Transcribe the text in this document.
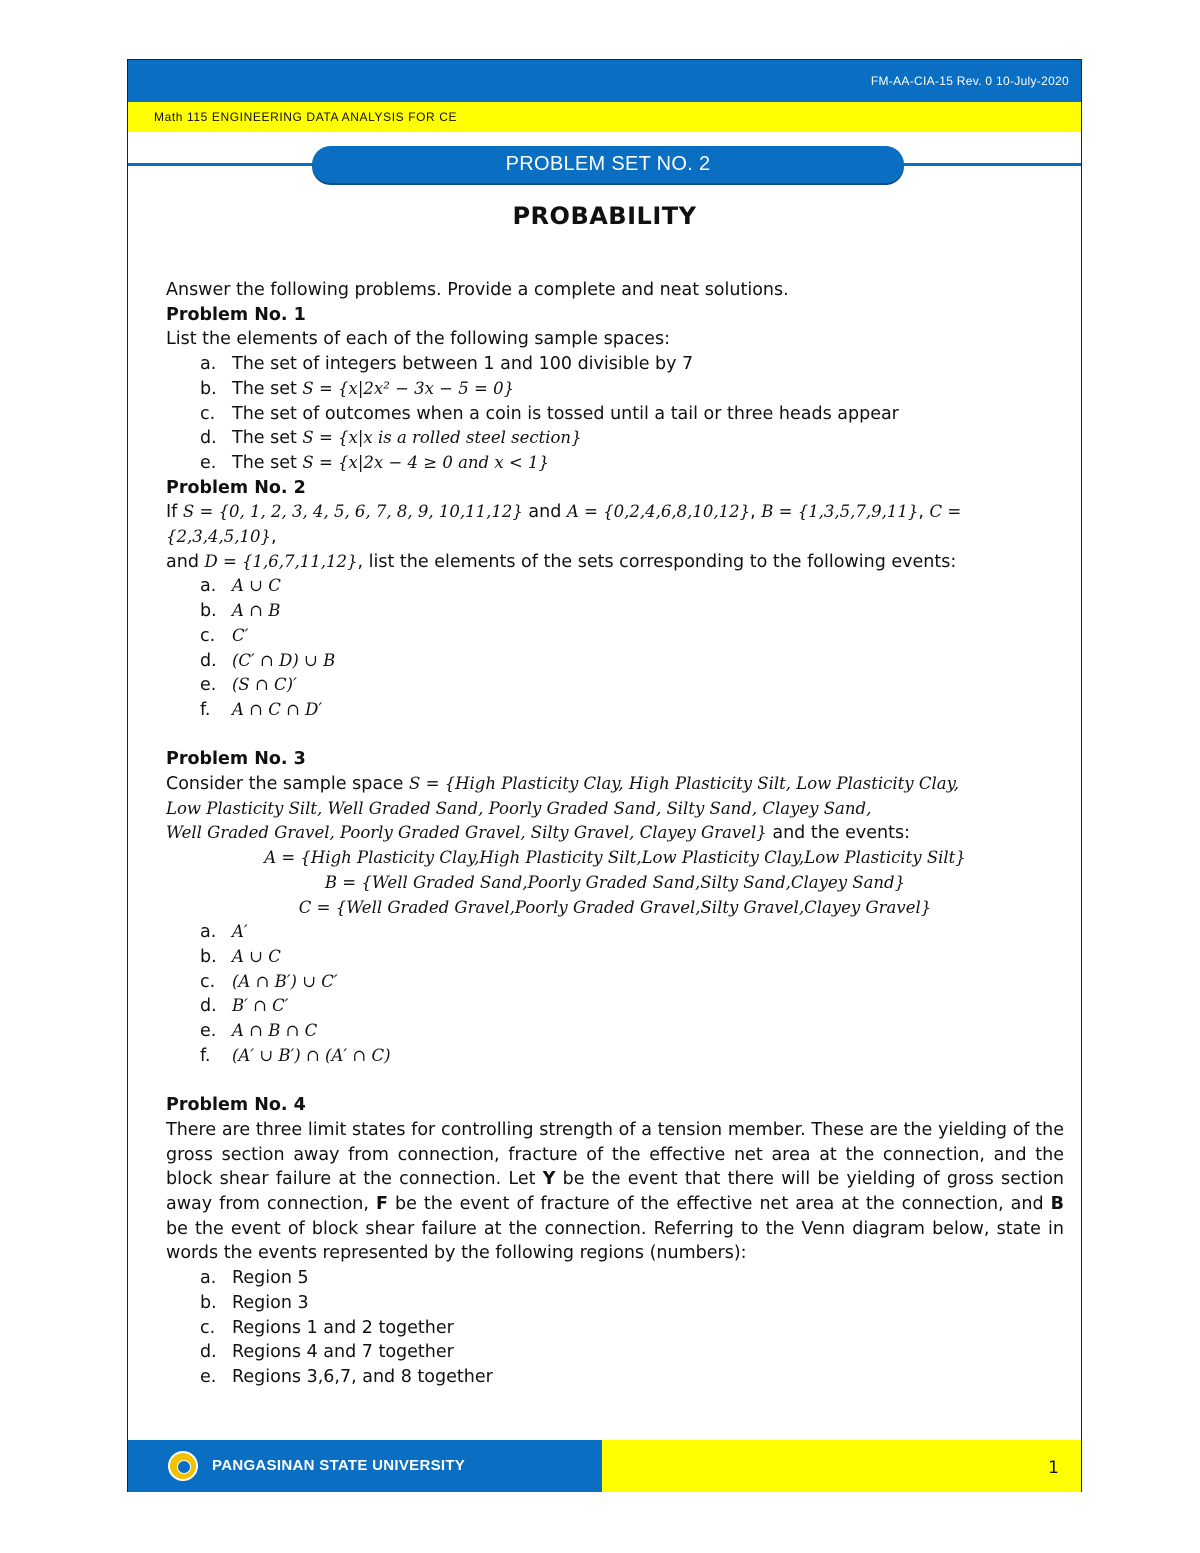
FM-AA-CIA-15 Rev. 0 10-July-2020
Math 115 ENGINEERING DATA ANALYSIS FOR CE
PROBLEM SET NO. 2
PROBABILITY

Answer the following problems. Provide a complete and neat solutions.

Problem No. 1

List the elements of each of the following sample spaces:

a. The set of integers between 1 and 100 divisible by 7
b. The set S = {x|2x² − 3x − 5 = 0}
c. The set of outcomes when a coin is tossed until a tail or three heads appear
d. The set S = {x|x is a rolled steel section}
e. The set S = {x|2x − 4 ≥ 0 and x < 1}

Problem No. 2

If S = {0, 1, 2, 3, 4, 5, 6, 7, 8, 9, 10,11,12} and A = {0,2,4,6,8,10,12}, B = {1,3,5,7,9,11}, C = {2,3,4,5,10},

and D = {1,6,7,11,12}, list the elements of the sets corresponding to the following events:

a. A ∪ C
b. A ∩ B
c. C′
d. (C′ ∩ D) ∪ B
e. (S ∩ C)′
f. A ∩ C ∩ D′

Problem No. 3

Consider the sample space S = {High Plasticity Clay, High Plasticity Silt, Low Plasticity Clay,

Low Plasticity Silt, Well Graded Sand, Poorly Graded Sand, Silty Sand, Clayey Sand,

Well Graded Gravel, Poorly Graded Gravel, Silty Gravel, Clayey Gravel} and the events:

A = {High Plasticity Clay,High Plasticity Silt,Low Plasticity Clay,Low Plasticity Silt}

B = {Well Graded Sand,Poorly Graded Sand,Silty Sand,Clayey Sand}

C = {Well Graded Gravel,Poorly Graded Gravel,Silty Gravel,Clayey Gravel}

a. A′
b. A ∪ C
c. (A ∩ B′) ∪ C′
d. B′ ∩ C′
e. A ∩ B ∩ C
f. (A′ ∪ B′) ∩ (A′ ∩ C)

Problem No. 4

There are three limit states for controlling strength of a tension member. These are the yielding of the gross section away from connection, fracture of the effective net area at the connection, and the block shear failure at the connection. Let Y be the event that there will be yielding of gross section away from connection, F be the event of fracture of the effective net area at the connection, and B be the event of block shear failure at the connection. Referring to the Venn diagram below, state in words the events represented by the following regions (numbers):

a. Region 5
b. Region 3
c. Regions 1 and 2 together
d. Regions 4 and 7 together
e. Regions 3,6,7, and 8 together
PANGASINAN STATE UNIVERSITY	1
